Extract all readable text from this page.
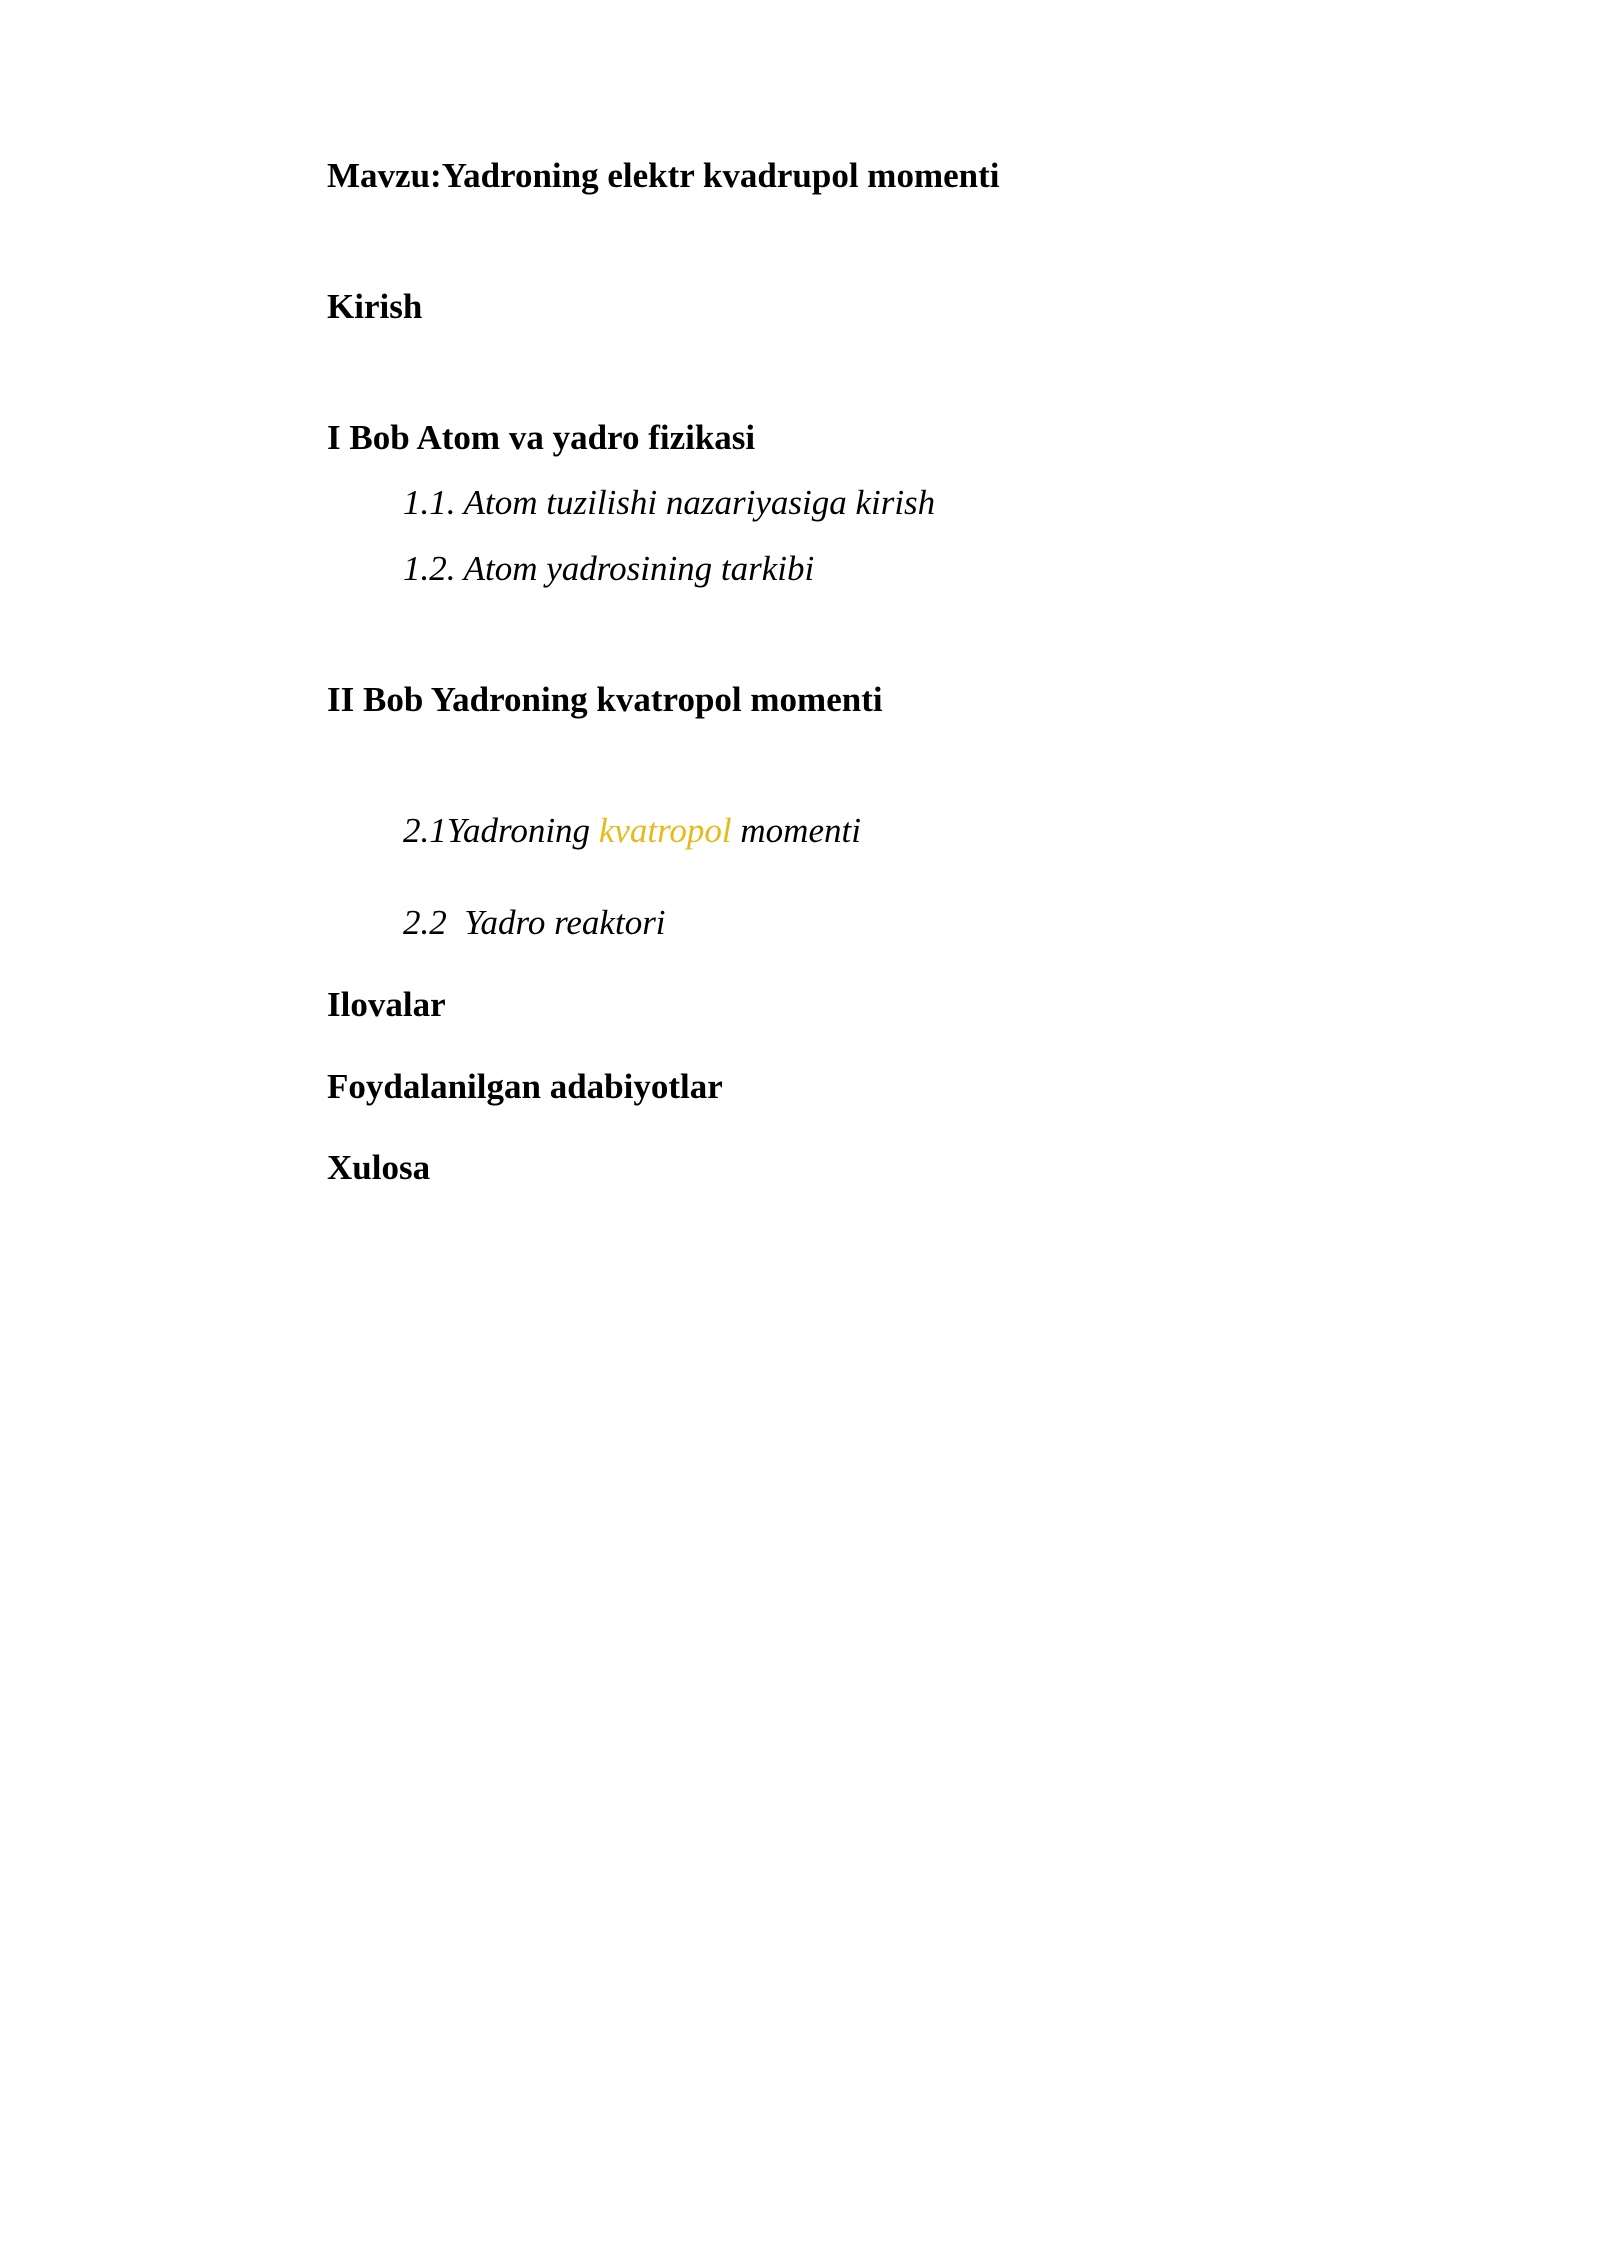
Mavzu:Yadroning elektr kvadrupol momenti
Kirish
I Bob Atom va yadro fizikasi
1.1. Atom tuzilishi nazariyasiga kirish
1.2. Atom yadrosining tarkibi
II Bob Yadroning kvatropol momenti
2.1Yadroning kvatropol momenti
2.2  Yadro reaktori
Ilovalar
Foydalanilgan adabiyotlar
Xulosa
